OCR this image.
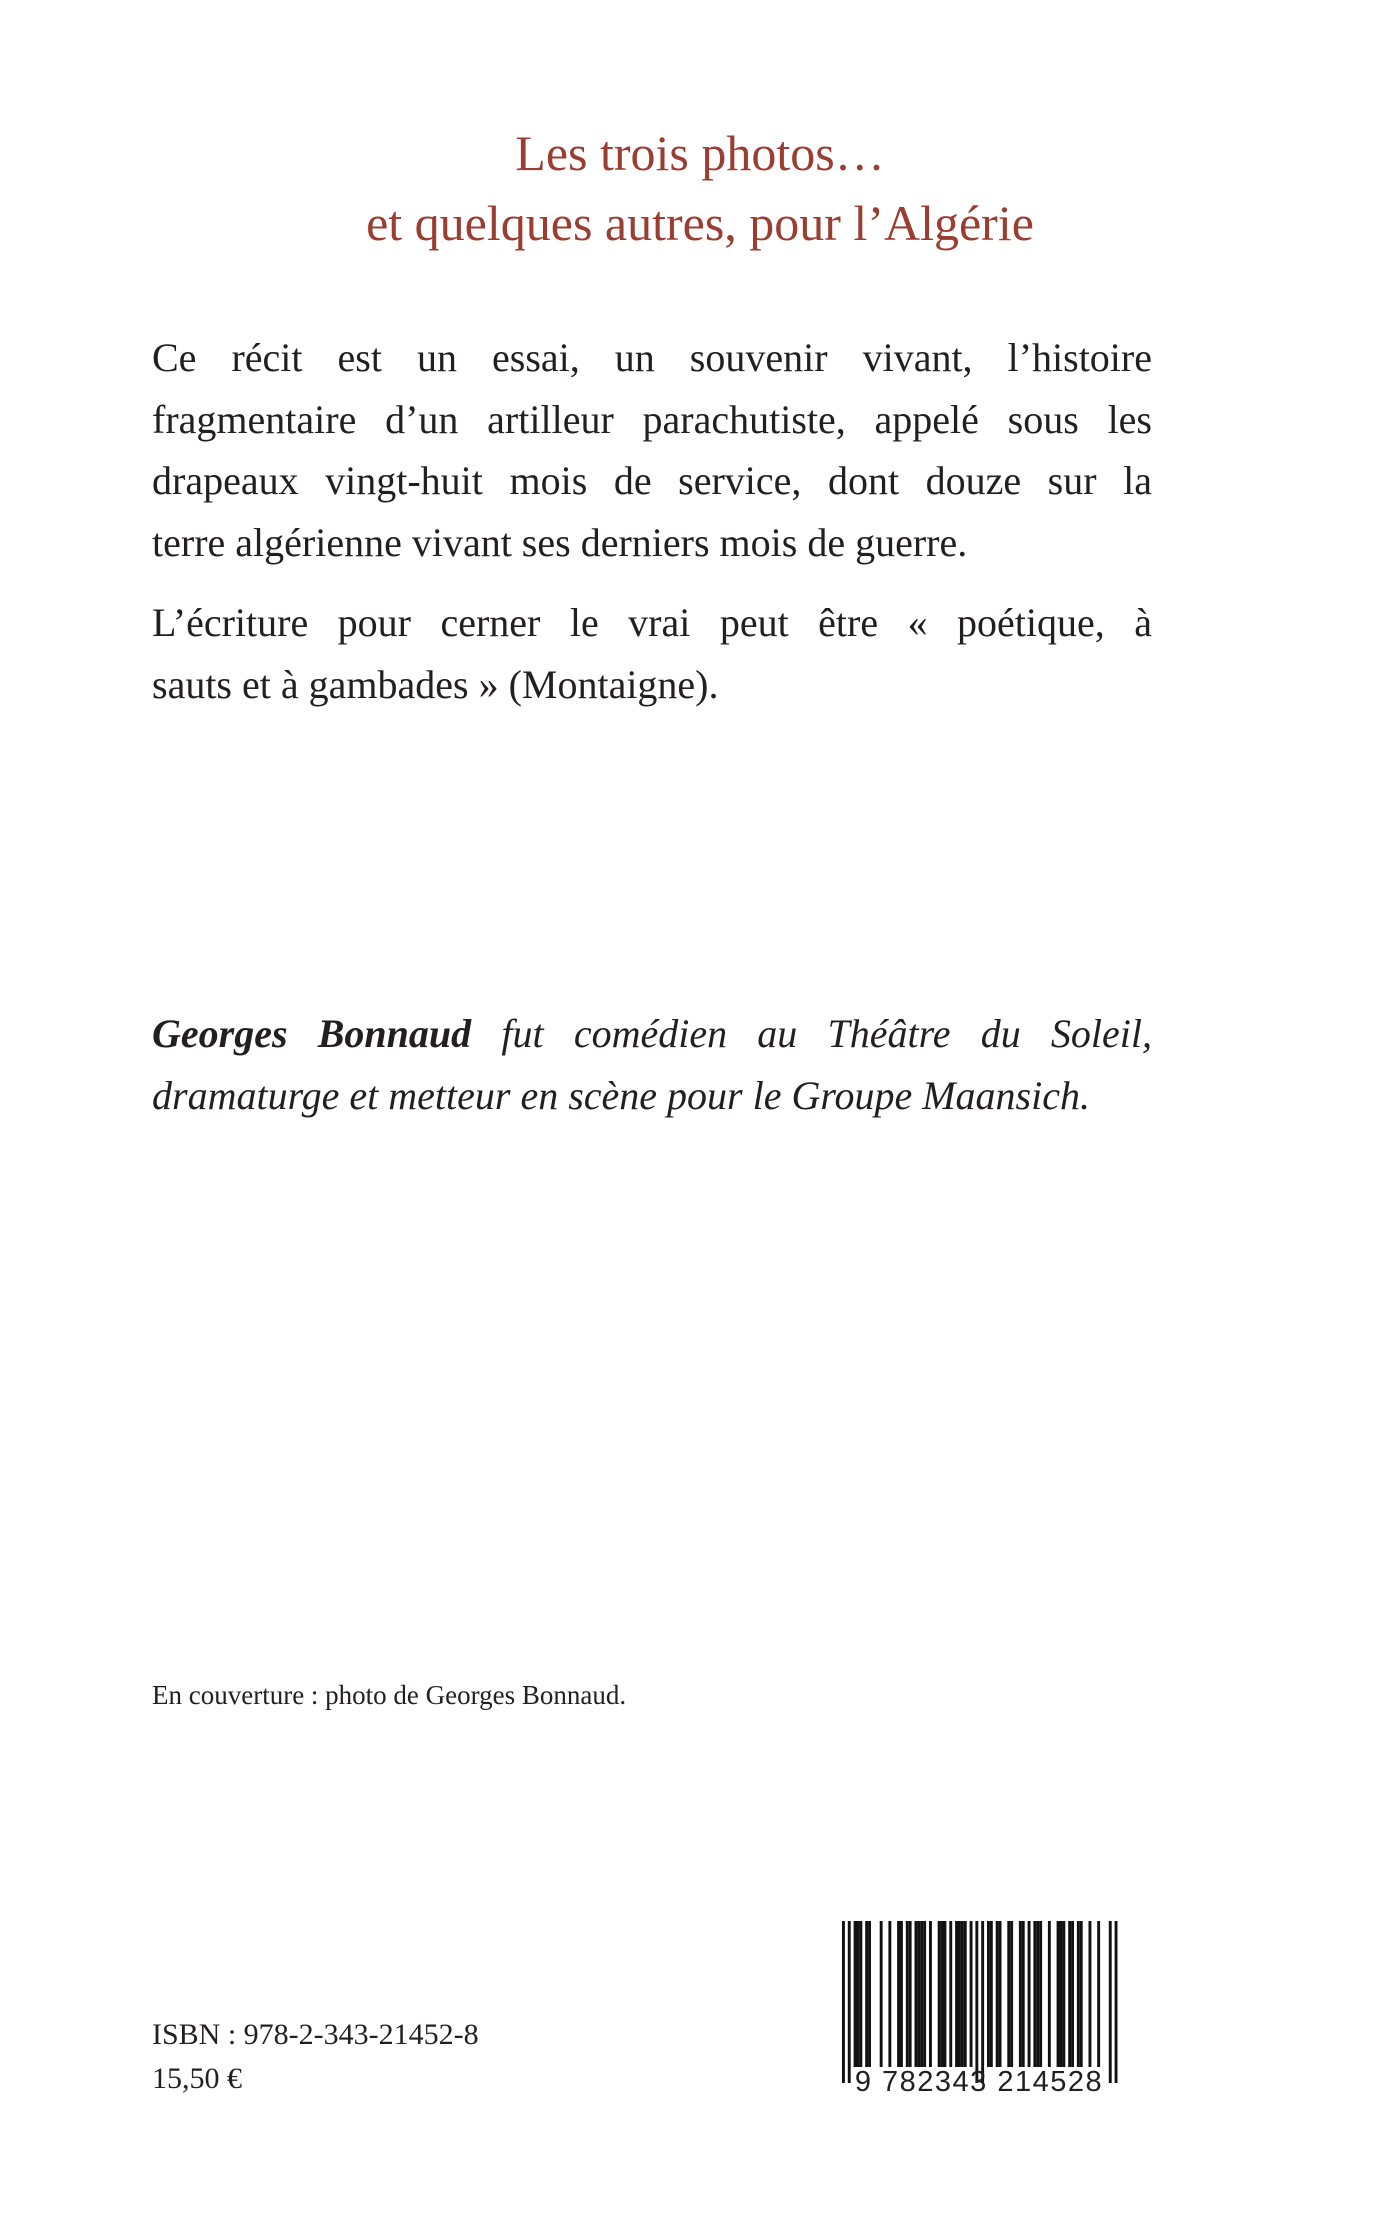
Les trois photos…
et quelques autres, pour l’Algérie
Ce récit est un essai, un souvenir vivant, l’histoire
fragmentaire d’un artilleur parachutiste, appelé sous les
drapeaux vingt-huit mois de service, dont douze sur la
terre algérienne vivant ses derniers mois de guerre.
L’écriture pour cerner le vrai peut être « poétique, à
sauts et à gambades » (Montaigne).
Georges Bonnaud fut comédien au Théâtre du Soleil,
dramaturge et metteur en scène pour le Groupe Maansich.
En couverture : photo de Georges Bonnaud.
ISBN : 978-2-343-21452-8
15,50 €	9 782343 214528
